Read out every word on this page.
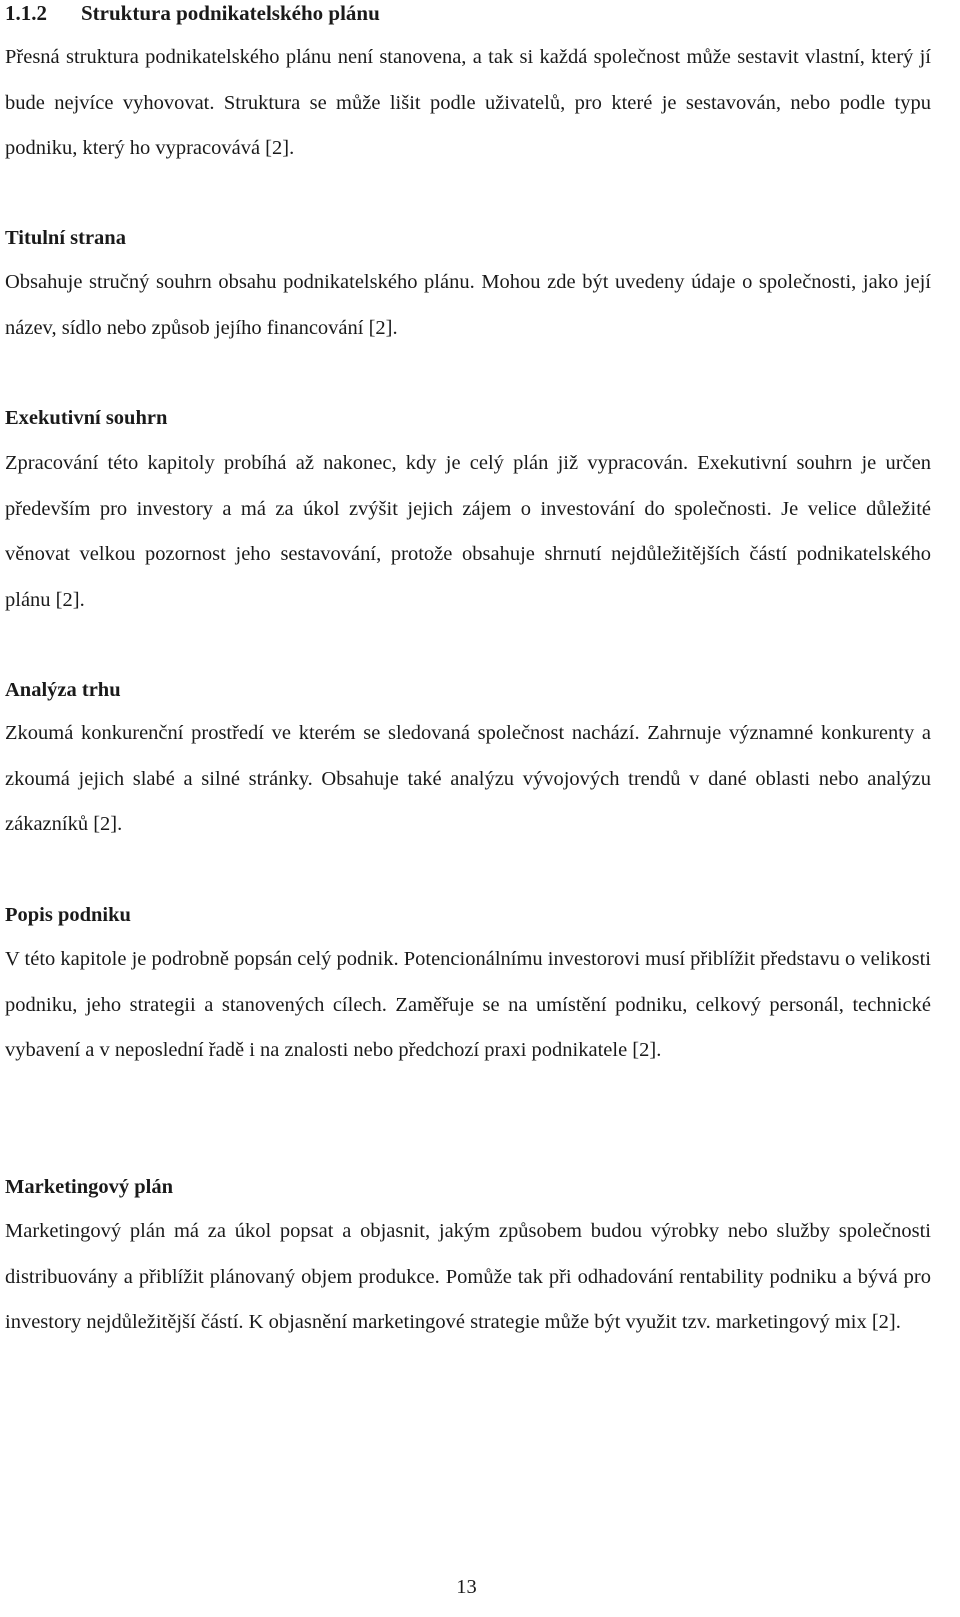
1.1.2 Struktura podnikatelského plánu

Přesná struktura podnikatelského plánu není stanovena, a tak si každá společnost může sestavit vlastní, který jí bude nejvíce vyhovovat. Struktura se může lišit podle uživatelů, pro které je sestavován, nebo podle typu podniku, který ho vypracovává [2].

Titulní strana

Obsahuje stručný souhrn obsahu podnikatelského plánu. Mohou zde být uvedeny údaje o společnosti, jako její název, sídlo nebo způsob jejího financování [2].

Exekutivní souhrn

Zpracování této kapitoly probíhá až nakonec, kdy je celý plán již vypracován. Exekutivní souhrn je určen především pro investory a má za úkol zvýšit jejich zájem o investování do společnosti. Je velice důležité věnovat velkou pozornost jeho sestavování, protože obsahuje shrnutí nejdůležitějších částí podnikatelského plánu [2].

Analýza trhu

Zkoumá konkurenční prostředí ve kterém se sledovaná společnost nachází. Zahrnuje významné konkurenty a zkoumá jejich slabé a silné stránky. Obsahuje také analýzu vývojových trendů v dané oblasti nebo analýzu zákazníků [2].

Popis podniku

V této kapitole je podrobně popsán celý podnik. Potencionálnímu investorovi musí přiblížit představu o velikosti podniku, jeho strategii a stanovených cílech. Zaměřuje se na umístění podniku, celkový personál, technické vybavení a v neposlední řadě i na znalosti nebo předchozí praxi podnikatele [2].

Marketingový plán

Marketingový plán má za úkol popsat a objasnit, jakým způsobem budou výrobky nebo služby společnosti distribuovány a přiblížit plánovaný objem produkce. Pomůže tak při odhadování rentability podniku a bývá pro investory nejdůležitější částí. K objasnění marketingové strategie může být využit tzv. marketingový mix [2].

13
